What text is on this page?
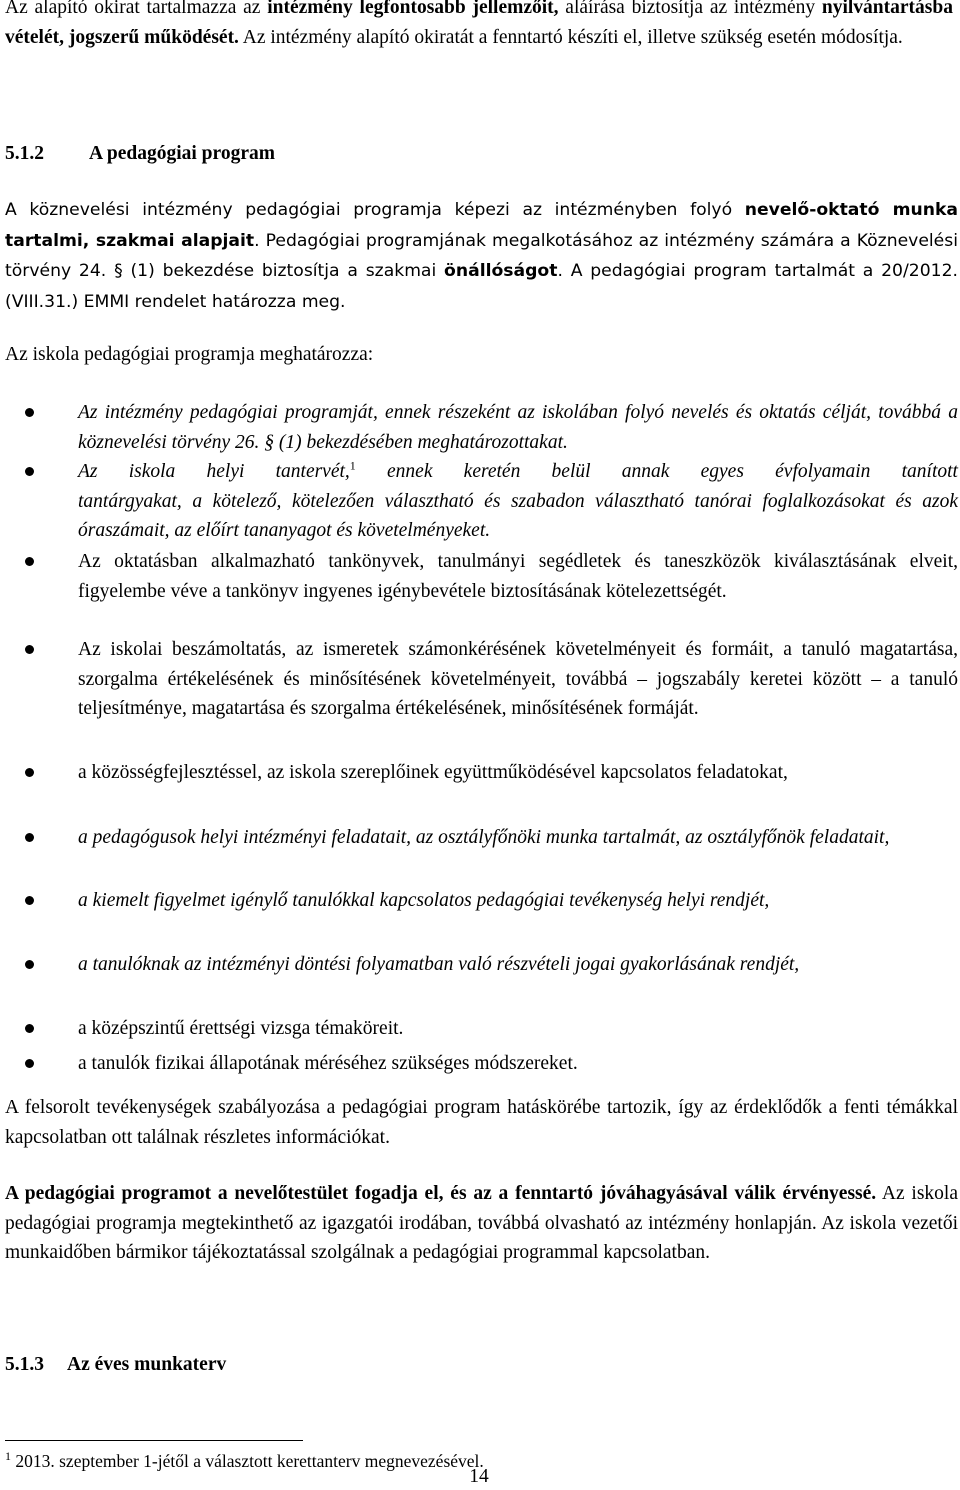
Az alapító okirat tartalmazza az intézmény legfontosabb jellemzőit, aláírása biztosítja az intézmény nyilvántartásba vételét, jogszerű működését. Az intézmény alapító okiratát a fenntartó készíti el, illetve szükség esetén módosítja.

5.1.2 A pedagógiai program

A köznevelési intézmény pedagógiai programja képezi az intézményben folyó nevelő-oktató munka tartalmi, szakmai alapjait. Pedagógiai programjának megalkotásához az intézmény számára a Köznevelési törvény 24. § (1) bekezdése biztosítja a szakmai önállóságot. A pedagógiai program tartalmát a 20/2012. (VIII.31.) EMMI rendelet határozza meg.

Az iskola pedagógiai programja meghatározza:

Az intézmény pedagógiai programját, ennek részeként az iskolában folyó nevelés és oktatás célját, továbbá a köznevelési törvény 26. § (1) bekezdésében meghatározottakat.

Az iskola helyi tantervét,$^1$ ennek keretén belül annak egyes évfolyamain tanított

tantárgyakat, a kötelező, kötelezően választható és szabadon választható tanórai foglalkozásokat és azok óraszámait, az előírt tananyagot és követelményeket.

Az oktatásban alkalmazható tankönyvek, tanulmányi segédletek és taneszközök kiválasztásának elveit, figyelembe véve a tankönyv ingyenes igénybevétele biztosításának kötelezettségét.

Az iskolai beszámoltatás, az ismeretek számonkérésének követelményeit és formáit, a tanuló magatartása, szorgalma értékelésének és minősítésének követelményeit, továbbá – jogszabály keretei között – a tanuló teljesítménye, magatartása és szorgalma értékelésének, minősítésének formáját.

a közösségfejlesztéssel, az iskola szereplőinek együttműködésével kapcsolatos feladatokat,

a pedagógusok helyi intézményi feladatait, az osztályfőnöki munka tartalmát, az osztályfőnök feladatait,

a kiemelt figyelmet igénylő tanulókkal kapcsolatos pedagógiai tevékenység helyi rendjét,

a tanulóknak az intézményi döntési folyamatban való részvételi jogai gyakorlásának rendjét,

a középszintű érettségi vizsga témaköreit.

a tanulók fizikai állapotának méréséhez szükséges módszereket.

A felsorolt tevékenységek szabályozása a pedagógiai program hatáskörébe tartozik, így az érdeklődők a fenti témákkal kapcsolatban ott találnak részletes információkat.

A pedagógiai programot a nevelőtestület fogadja el, és az a fenntartó jóváhagyásával válik érvényessé. Az iskola pedagógiai programja megtekinthető az igazgatói irodában, továbbá olvasható az intézmény honlapján. Az iskola vezetői munkaidőben bármikor tájékoztatással szolgálnak a pedagógiai programmal kapcsolatban.

5.1.3 Az éves munkaterv
$^1$ 2013. szeptember 1-jétől a választott kerettanterv megnevezésével.
14
